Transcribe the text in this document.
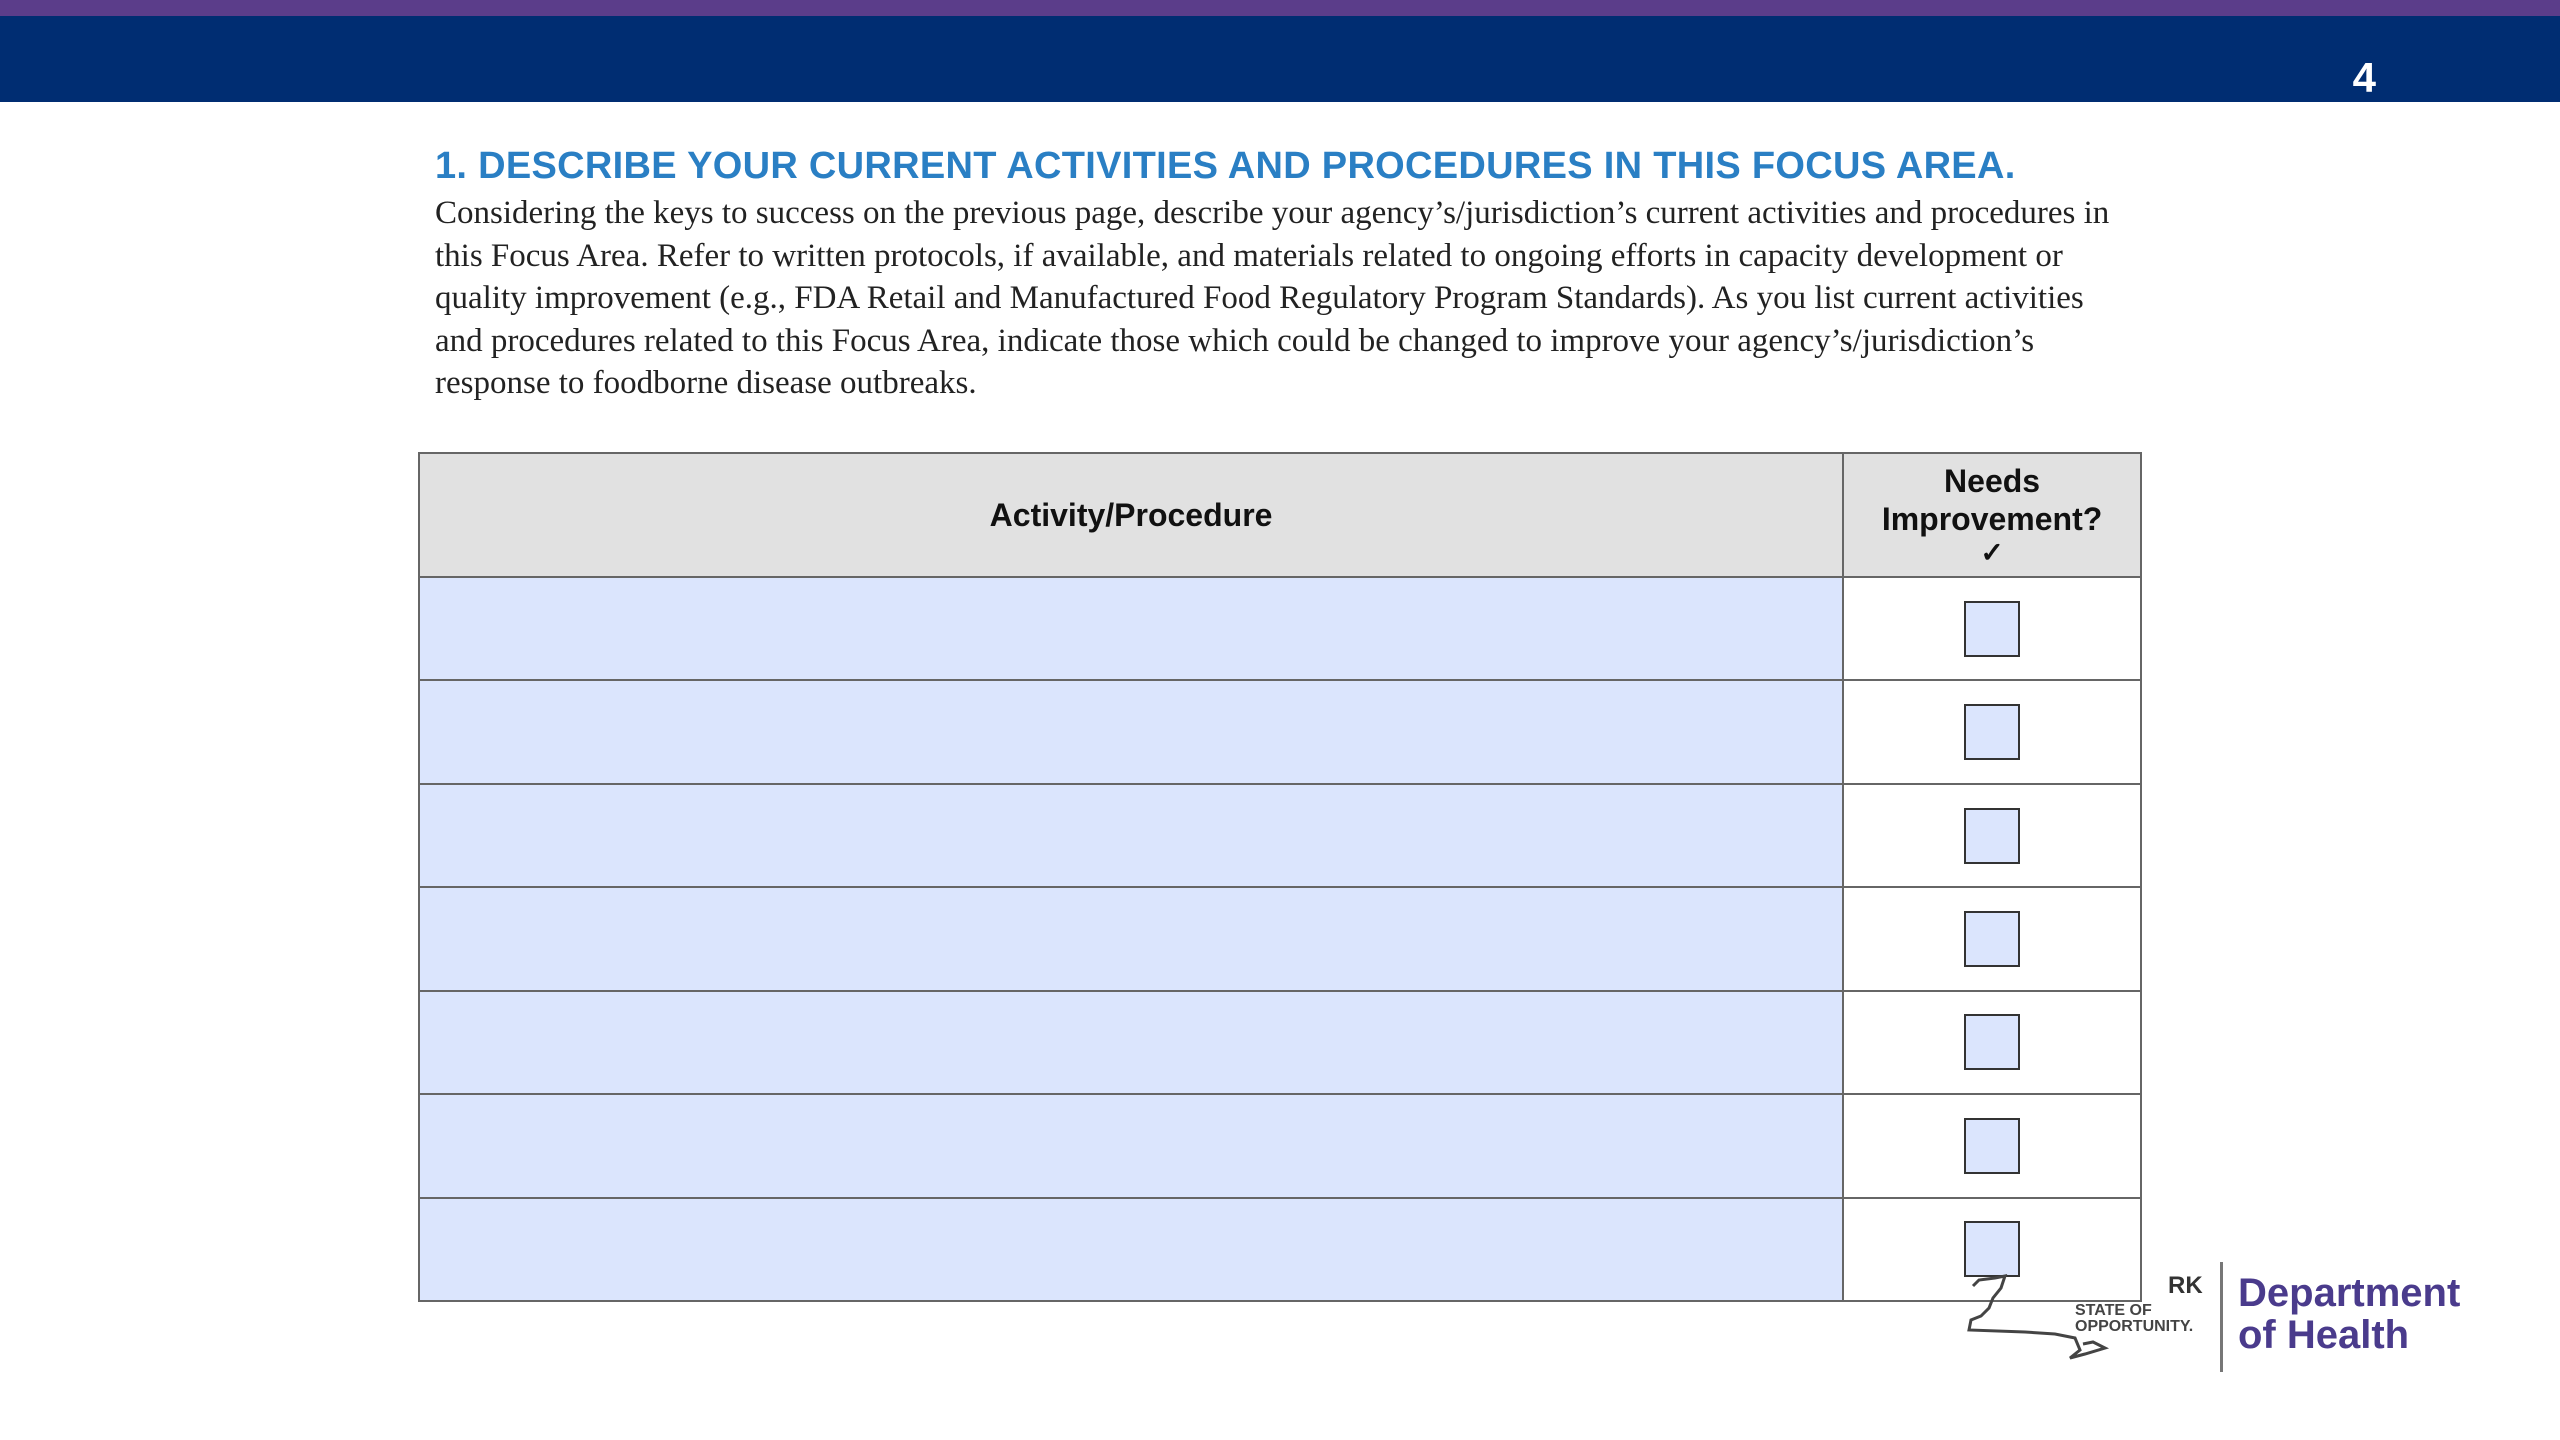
4
1. DESCRIBE YOUR CURRENT ACTIVITIES AND PROCEDURES IN THIS FOCUS AREA.

Considering the keys to success on the previous page, describe your agency’s/jurisdiction’s current activities and procedures in this Focus Area. Refer to written protocols, if available, and materials related to ongoing efforts in capacity development or quality improvement (e.g., FDA Retail and Manufactured Food Regulatory Program Standards). As you list current activities and procedures related to this Focus Area, indicate those which could be changed to improve your agency’s/jurisdiction’s response to foodborne disease outbreaks.

Activity/Procedure	Needs
Improvement?
✓

RK
STATE OF OPPORTUNITY.
Department
of Health
